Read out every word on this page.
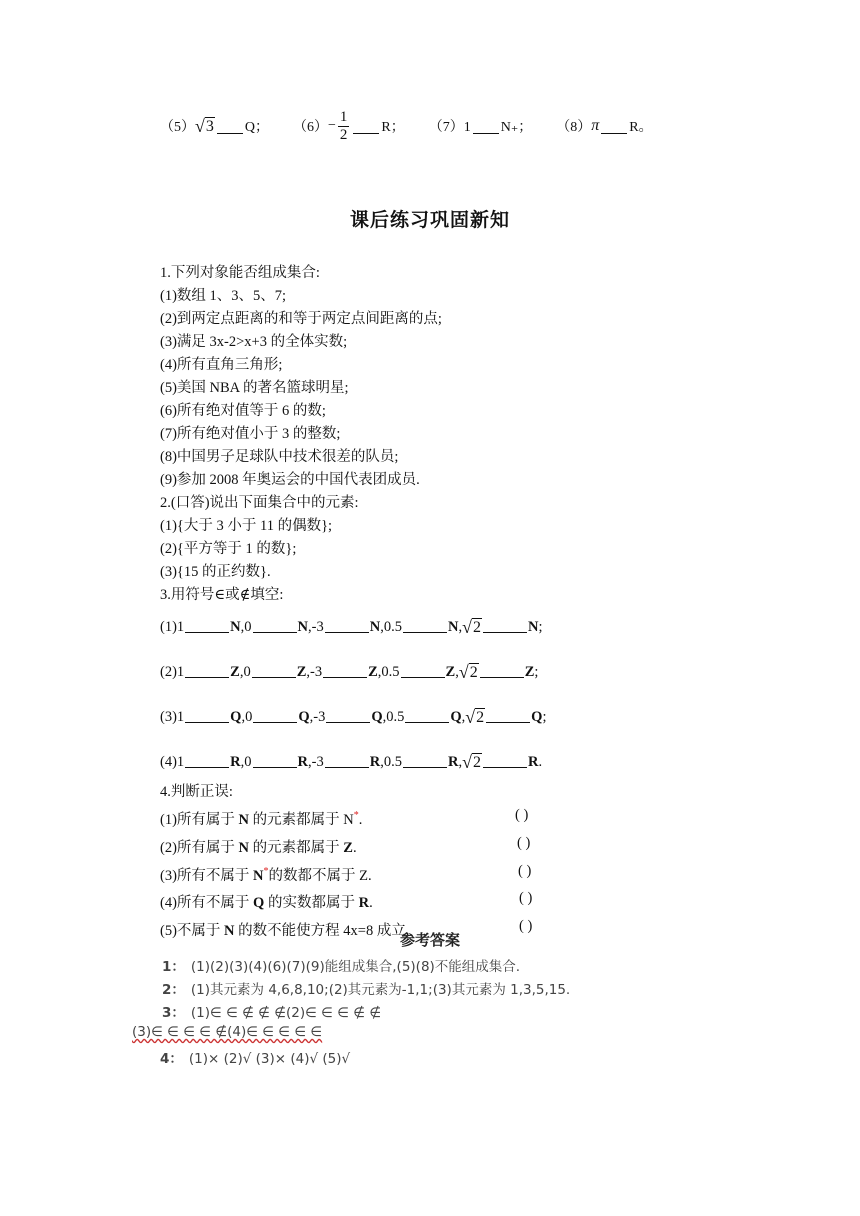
（5） √ 3 Q； $(6) - \frac{1}{2}$ R； （7）1 N₊； （8） π R。
课后练习巩固新知
1.下列对象能否组成集合:
(1)数组 1、3、5、7;
(2)到两定点距离的和等于两定点间距离的点;
(3)满足 3x-2>x+3 的全体实数;
(4)所有直角三角形;
(5)美国 NBA 的著名篮球明星;
(6)所有绝对值等于 6 的数;
(7)所有绝对值小于 3 的整数;
(8)中国男子足球队中技术很差的队员;
(9)参加 2008 年奥运会的中国代表团成员.
2.(口答)说出下面集合中的元素:
(1){大于 3 小于 11 的偶数};
(2){平方等于 1 的数};
(3){15 的正约数}.
3.用符号∈或∉填空:
(1)1	N ,0	N ,-3	N ,0.5	N , √ 2	N ;
(2)1	Z ,0	Z ,-3	Z ,0.5	Z , √ 2	Z ;
(3)1	Q ,0	Q ,-3	Q ,0.5	Q , √ 2	Q ;
(4)1	R ,0	R ,-3	R ,0.5	R , √ 2	R .
4.判断正误:
(1)所有属于 N 的元素都属于 N*.	( )
(2)所有属于 N 的元素都属于 Z.	( )
(3)所有不属于 N*的数都不属于 Z.	( )
(4)所有不属于 Q 的实数都属于 R.	( )
(5)不属于 N 的数不能使方程 4x=8 成立.	( )
参考答案
1： (1)(2)(3)(4)(6)(7)(9)能组成集合,(5)(8)不能组成集合.
2： (1)其元素为 4,6,8,10;(2)其元素为-1,1;(3)其元素为 1,3,5,15.
3： (1)∈ ∈ ∉ ∉ ∉(2)∈ ∈ ∈ ∉ ∉
(3)∈ ∈ ∈ ∈ ∉(4)∈ ∈ ∈ ∈ ∈
4： (1)× (2)√ (3)× (4)√ (5)√
